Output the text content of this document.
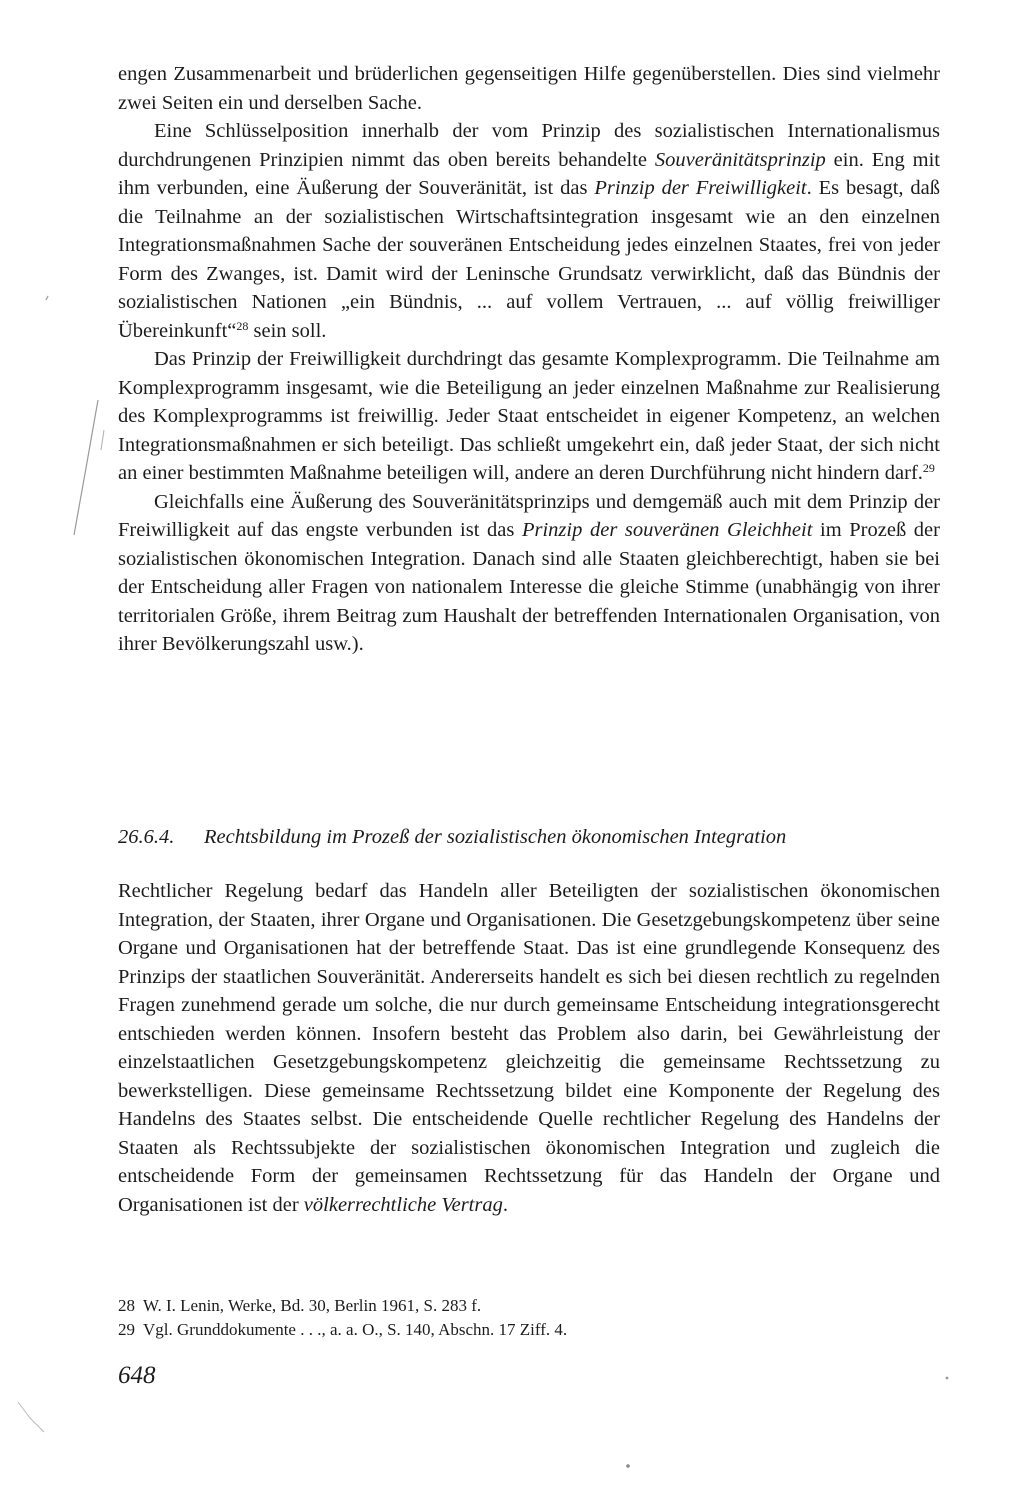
engen Zusammenarbeit und brüderlichen gegenseitigen Hilfe gegenüberstellen. Dies sind vielmehr zwei Seiten ein und derselben Sache.

Eine Schlüsselposition innerhalb der vom Prinzip des sozialistischen Internationalismus durchdrungenen Prinzipien nimmt das oben bereits behandelte Souveränitätsprinzip ein. Eng mit ihm verbunden, eine Äußerung der Souveränität, ist das Prinzip der Freiwilligkeit. Es besagt, daß die Teilnahme an der sozialistischen Wirtschaftsintegration insgesamt wie an den einzelnen Integrationsmaßnahmen Sache der souveränen Entscheidung jedes einzelnen Staates, frei von jeder Form des Zwanges, ist. Damit wird der Leninsche Grundsatz verwirklicht, daß das Bündnis der sozialistischen Nationen „ein Bündnis, ... auf vollem Vertrauen, ... auf völlig freiwilliger Übereinkunft“$^{28}$ sein soll.

Das Prinzip der Freiwilligkeit durchdringt das gesamte Komplexprogramm. Die Teilnahme am Komplexprogramm insgesamt, wie die Beteiligung an jeder einzelnen Maßnahme zur Realisierung des Komplexprogramms ist freiwillig. Jeder Staat entscheidet in eigener Kompetenz, an welchen Integrationsmaßnahmen er sich beteiligt. Das schließt umgekehrt ein, daß jeder Staat, der sich nicht an einer bestimmten Maßnahme beteiligen will, andere an deren Durchführung nicht hindern darf.$^{29}$

Gleichfalls eine Äußerung des Souveränitätsprinzips und demgemäß auch mit dem Prinzip der Freiwilligkeit auf das engste verbunden ist das Prinzip der souveränen Gleichheit im Prozeß der sozialistischen ökonomischen Integration. Danach sind alle Staaten gleichberechtigt, haben sie bei der Entscheidung aller Fragen von nationalem Interesse die gleiche Stimme (unabhängig von ihrer territorialen Größe, ihrem Beitrag zum Haushalt der betreffenden Internationalen Organisation, von ihrer Bevölkerungszahl usw.).

26.6.4. Rechtsbildung im Prozeß der sozialistischen ökonomischen Integration

Rechtlicher Regelung bedarf das Handeln aller Beteiligten der sozialistischen ökonomischen Integration, der Staaten, ihrer Organe und Organisationen. Die Gesetzgebungskompetenz über seine Organe und Organisationen hat der betreffende Staat. Das ist eine grundlegende Konsequenz des Prinzips der staatlichen Souveränität. Andererseits handelt es sich bei diesen rechtlich zu regelnden Fragen zunehmend gerade um solche, die nur durch gemeinsame Entscheidung integrationsgerecht entschieden werden können. Insofern besteht das Problem also darin, bei Gewährleistung der einzelstaatlichen Gesetzgebungskompetenz gleichzeitig die gemeinsame Rechtssetzung zu bewerkstelligen. Diese gemeinsame Rechtssetzung bildet eine Komponente der Regelung des Handelns des Staates selbst. Die entscheidende Quelle rechtlicher Regelung des Handelns der Staaten als Rechtssubjekte der sozialistischen ökonomischen Integration und zugleich die entscheidende Form der gemeinsamen Rechtssetzung für das Handeln der Organe und Organisationen ist der völkerrechtliche Vertrag.

28 W. I. Lenin, Werke, Bd. 30, Berlin 1961, S. 283 f.
29 Vgl. Grunddokumente . . ., a. a. O., S. 140, Abschn. 17 Ziff. 4.
648
